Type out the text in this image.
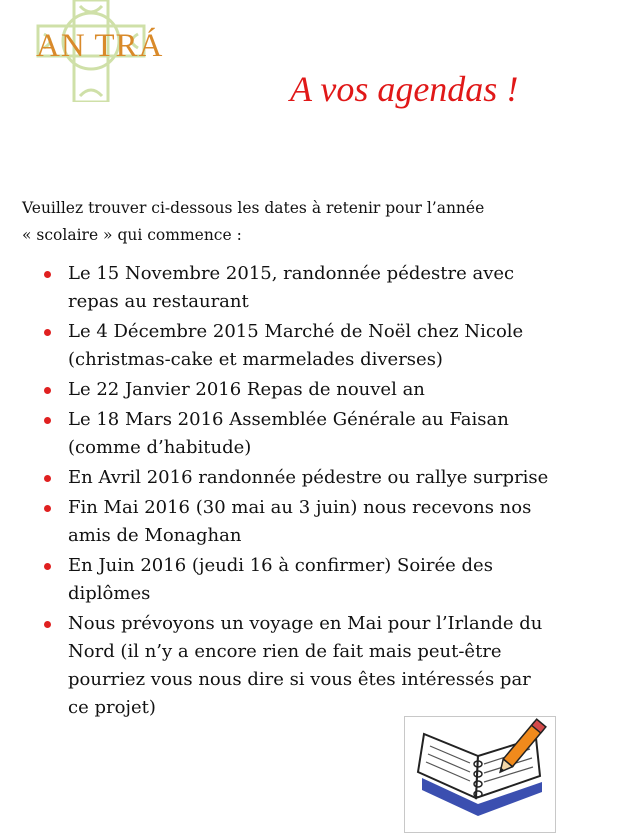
AN TRÁ
A vos agendas !
Veuillez trouver ci-dessous les dates à retenir pour l’année
« scolaire » qui commence :
Le 15 Novembre 2015, randonnée pédestre avec
repas au restaurant
Le 4 Décembre 2015 Marché de Noël chez Nicole
(christmas-cake et marmelades diverses)
Le 22 Janvier 2016 Repas de nouvel an
Le 18 Mars 2016 Assemblée Générale au Faisan
(comme d’habitude)
En Avril 2016 randonnée pédestre ou rallye surprise
Fin Mai 2016 (30 mai au 3 juin) nous recevons nos
amis de Monaghan
En Juin 2016 (jeudi 16 à confirmer) Soirée des
diplômes
Nous prévoyons un voyage en Mai pour l’Irlande du
Nord (il n’y a encore rien de fait mais peut-être
pourriez vous nous dire si vous êtes intéressés par
ce projet)
